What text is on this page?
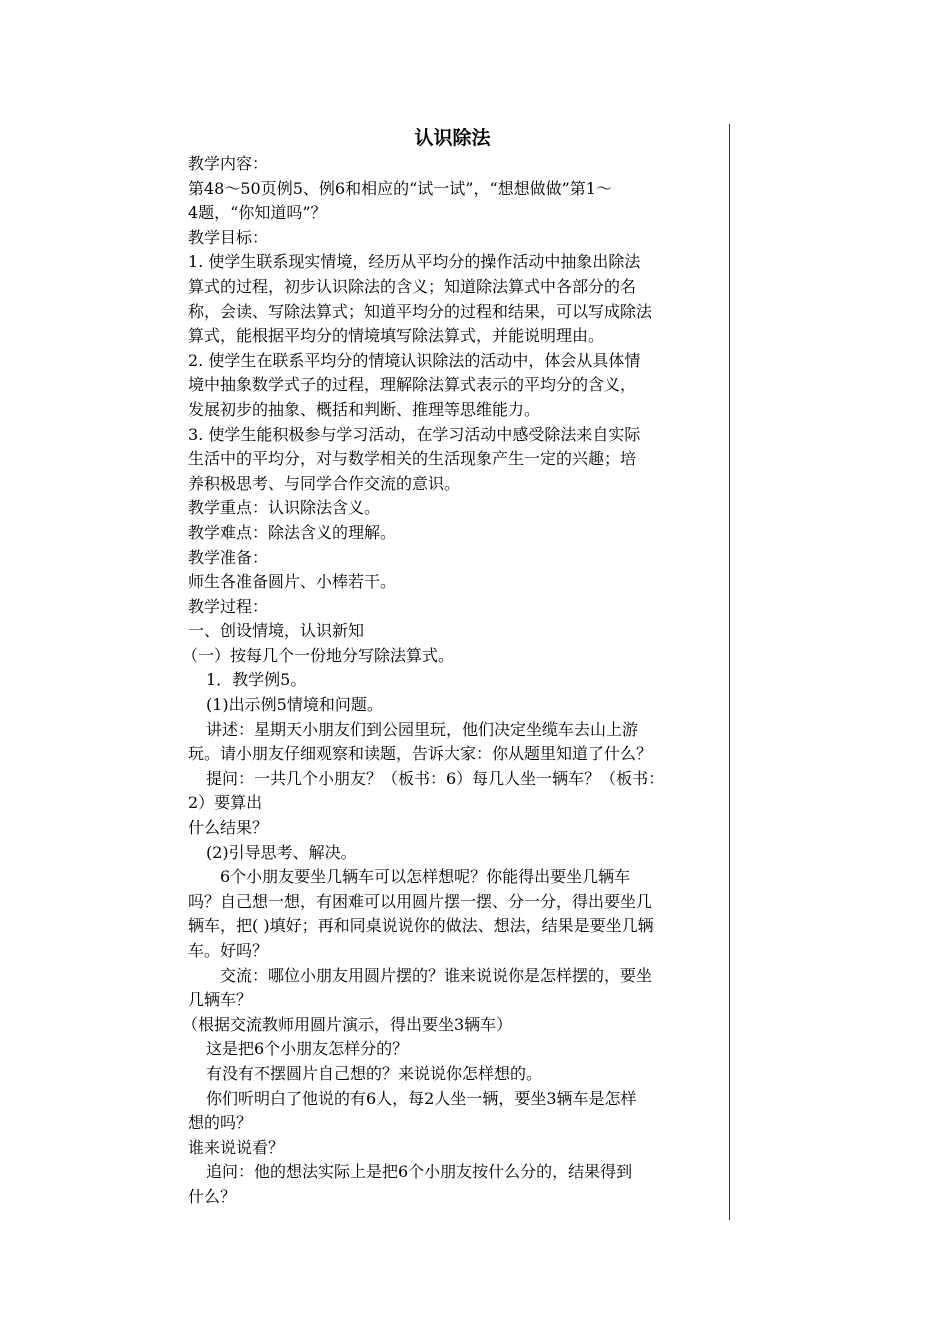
认识除法

教学内容：

第48～50页例5、例6和相应的“试一试”，“想想做做”第1～

4题，“你知道吗”？

教学目标：

1. 使学生联系现实情境，经历从平均分的操作活动中抽象出除法

算式的过程，初步认识除法的含义；知道除法算式中各部分的名

称，会读、写除法算式；知道平均分的过程和结果，可以写成除法

算式，能根据平均分的情境填写除法算式，并能说明理由。

2. 使学生在联系平均分的情境认识除法的活动中，体会从具体情

境中抽象数学式子的过程，理解除法算式表示的平均分的含义，

发展初步的抽象、概括和判断、推理等思维能力。

3. 使学生能积极参与学习活动，在学习活动中感受除法来自实际

生活中的平均分，对与数学相关的生活现象产生一定的兴趣；培

养积极思考、与同学合作交流的意识。

教学重点：认识除法含义。

教学难点：除法含义的理解。

教学准备：

师生各准备圆片、小棒若干。

教学过程：

一、创设情境，认识新知

（一）按每几个一份地分写除法算式。

1．教学例5。

(1)出示例5情境和问题。

讲述：星期天小朋友们到公园里玩，他们决定坐缆车去山上游

玩。请小朋友仔细观察和读题，告诉大家：你从题里知道了什么？

提问：一共几个小朋友？（板书：6）每几人坐一辆车？（板书：

2）要算出

什么结果？

(2)引导思考、解决。

6个小朋友要坐几辆车可以怎样想呢？你能得出要坐几辆车

吗？自己想一想，有困难可以用圆片摆一摆、分一分，得出要坐几

辆车，把( )填好；再和同桌说说你的做法、想法，结果是要坐几辆

车。好吗？

交流：哪位小朋友用圆片摆的？谁来说说你是怎样摆的，要坐

几辆车？

（根据交流教师用圆片演示，得出要坐3辆车）

这是把6个小朋友怎样分的？

有没有不摆圆片自己想的？来说说你怎样想的。

你们听明白了他说的有6人，每2人坐一辆，要坐3辆车是怎样

想的吗？

谁来说说看？

追问：他的想法实际上是把6个小朋友按什么分的，结果得到

什么？
